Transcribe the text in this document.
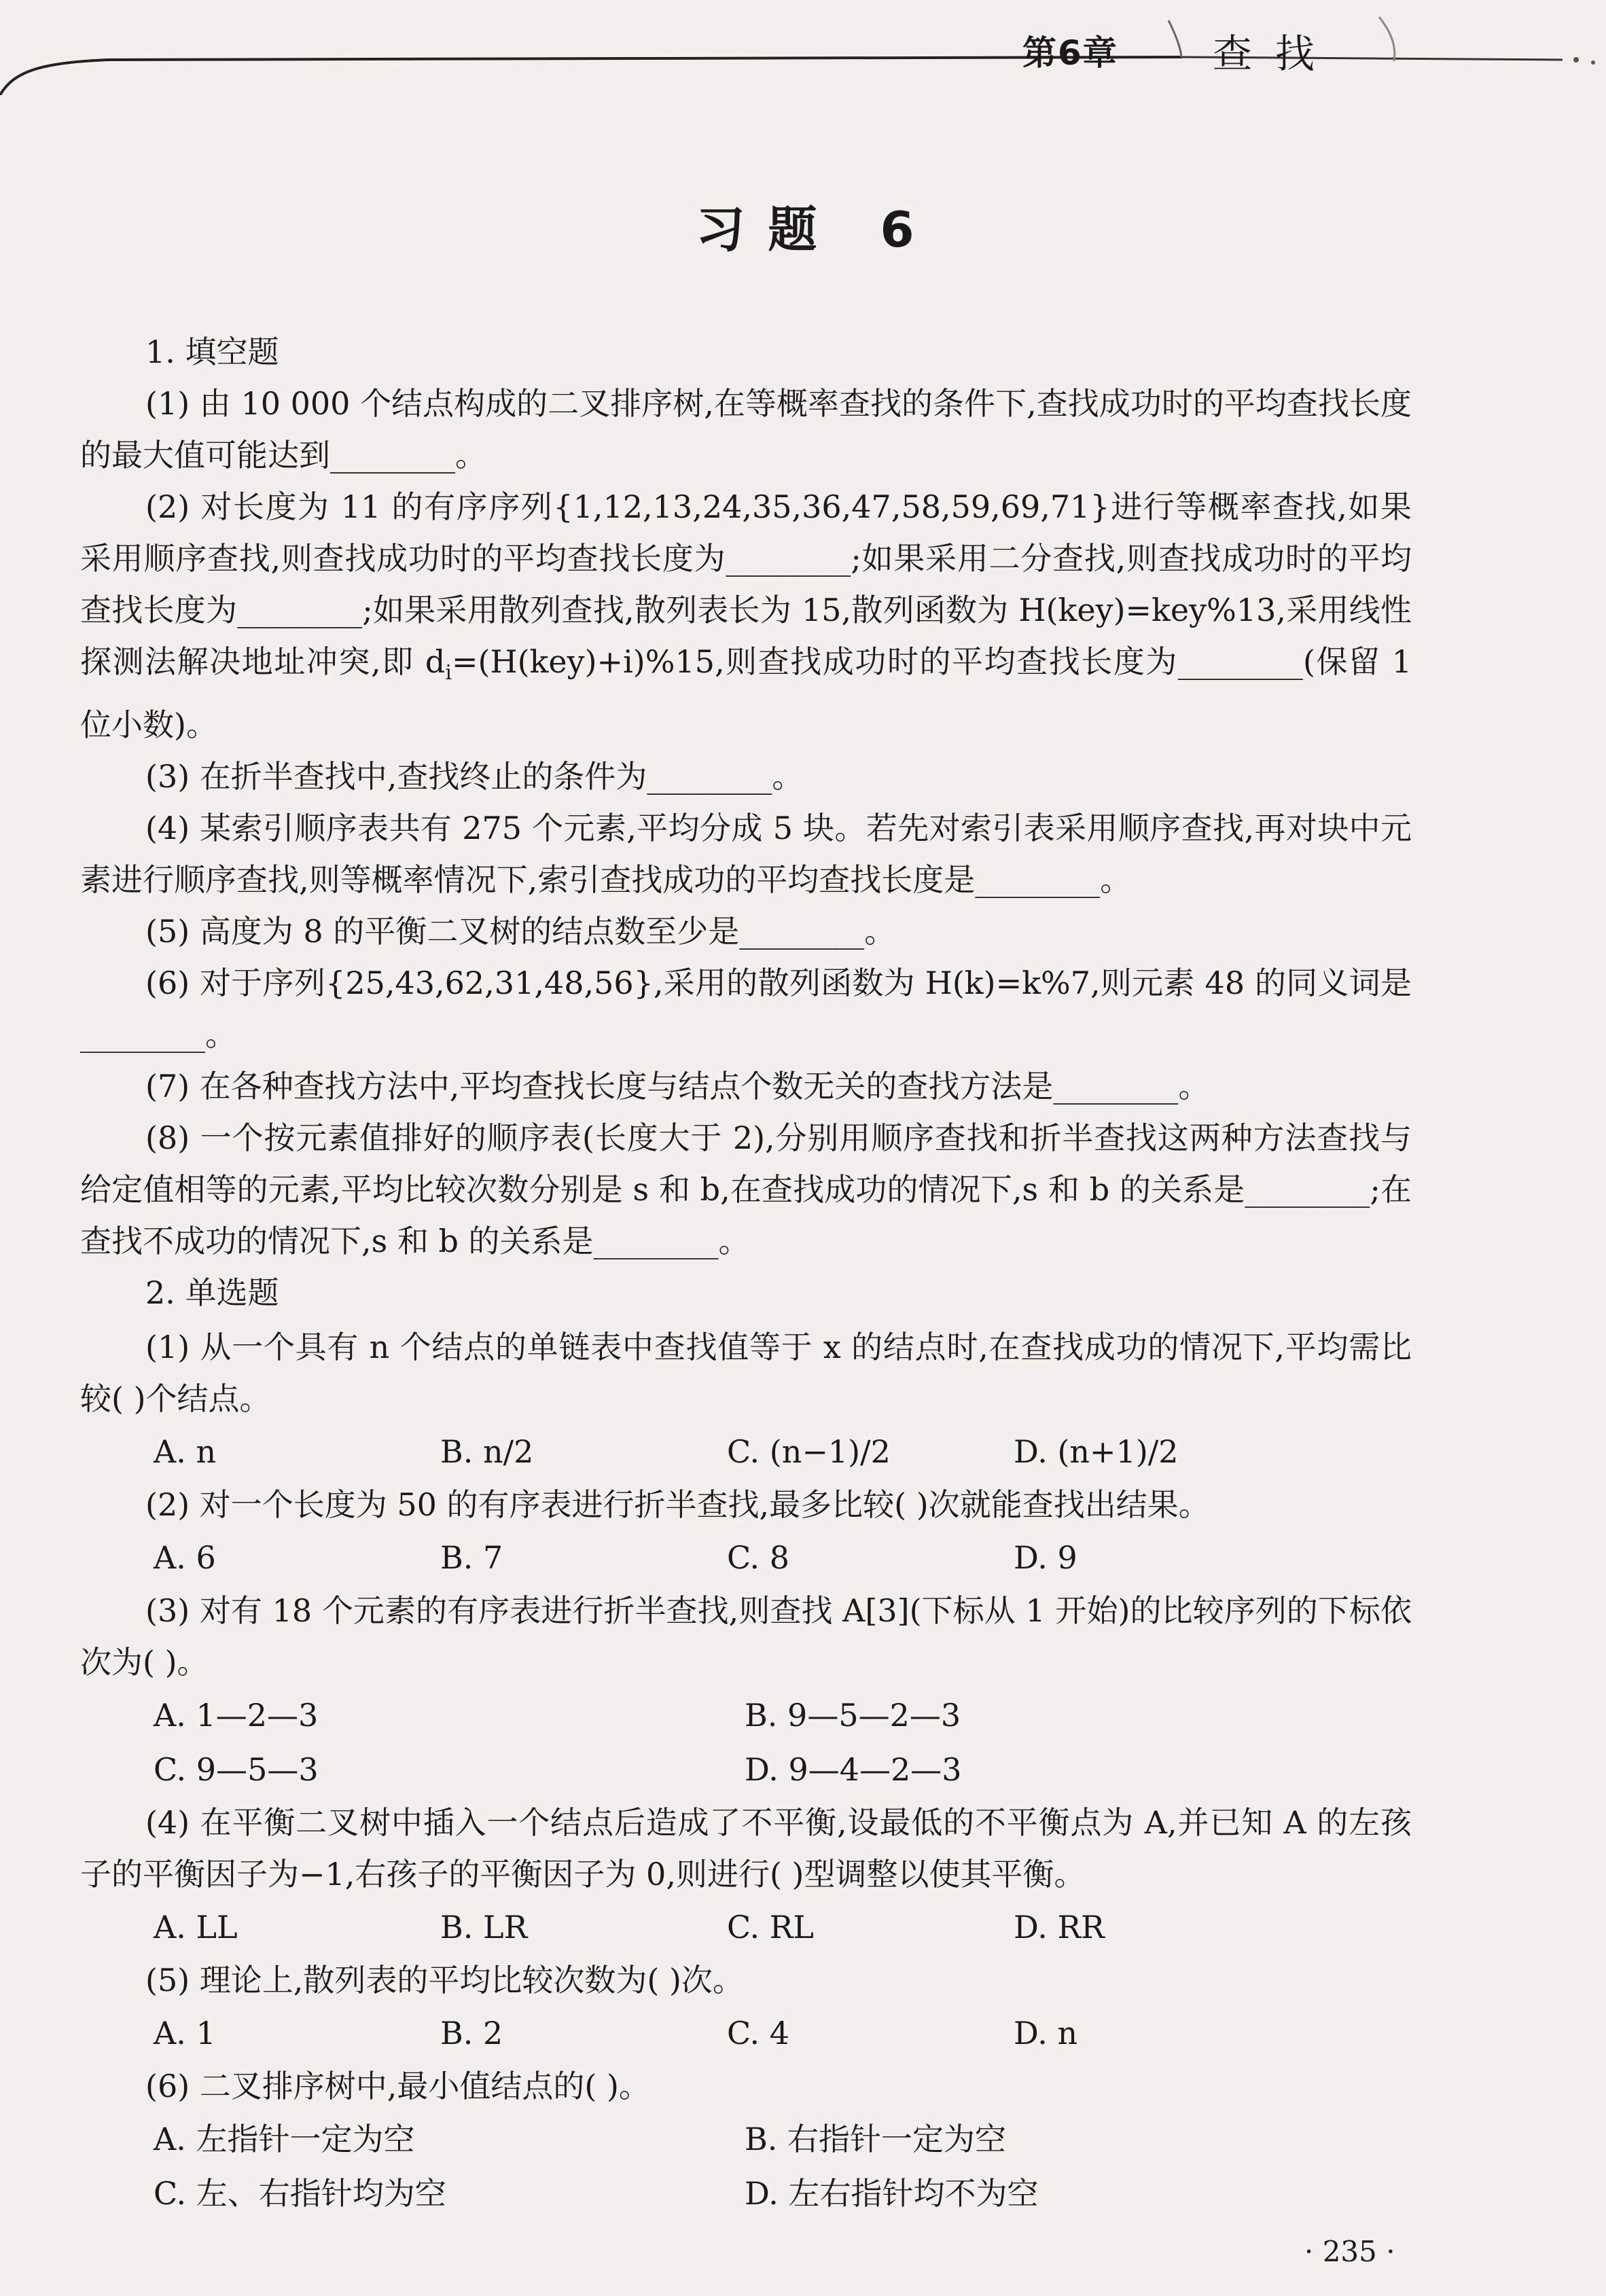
第6章 查找
习题 6

1. 填空题

(1) 由 10 000 个结点构成的二叉排序树,在等概率查找的条件下,查找成功时的平均查找长度的最大值可能达到________。

(2) 对长度为 11 的有序序列{1,12,13,24,35,36,47,58,59,69,71}进行等概率查找,如果采用顺序查找,则查找成功时的平均查找长度为________;如果采用二分查找,则查找成功时的平均查找长度为________;如果采用散列查找,散列表长为 15,散列函数为 H(key)=key%13,采用线性探测法解决地址冲突,即 $d_i=(H(key)+i)\%15$,则查找成功时的平均查找长度为________(保留 1 位小数)。

(3) 在折半查找中,查找终止的条件为________。

(4) 某索引顺序表共有 275 个元素,平均分成 5 块。若先对索引表采用顺序查找,再对块中元素进行顺序查找,则等概率情况下,索引查找成功的平均查找长度是________。

(5) 高度为 8 的平衡二叉树的结点数至少是________。

(6) 对于序列{25,43,62,31,48,56},采用的散列函数为 H(k)=k%7,则元素 48 的同义词是________。

(7) 在各种查找方法中,平均查找长度与结点个数无关的查找方法是________。

(8) 一个按元素值排好的顺序表(长度大于 2),分别用顺序查找和折半查找这两种方法查找与给定值相等的元素,平均比较次数分别是 s 和 b,在查找成功的情况下,s 和 b 的关系是________;在查找不成功的情况下,s 和 b 的关系是________。

2. 单选题

(1) 从一个具有 n 个结点的单链表中查找值等于 x 的结点时,在查找成功的情况下,平均需比较( )个结点。

A. n	B. n/2	C. (n−1)/2	D. (n+1)/2

(2) 对一个长度为 50 的有序表进行折半查找,最多比较( )次就能查找出结果。

A. 6	B. 7	C. 8	D. 9

(3) 对有 18 个元素的有序表进行折半查找,则查找 A[3](下标从 1 开始)的比较序列的下标依次为( )。

A. 1—2—3	B. 9—5—2—3
C. 9—5—3	D. 9—4—2—3

(4) 在平衡二叉树中插入一个结点后造成了不平衡,设最低的不平衡点为 A,并已知 A 的左孩子的平衡因子为−1,右孩子的平衡因子为 0,则进行( )型调整以使其平衡。

A. LL	B. LR	C. RL	D. RR

(5) 理论上,散列表的平均比较次数为( )次。

A. 1	B. 2	C. 4	D. n

(6) 二叉排序树中,最小值结点的( )。

A. 左指针一定为空	B. 右指针一定为空
C. 左、右指针均为空	D. 左右指针均不为空
· 235 ·
